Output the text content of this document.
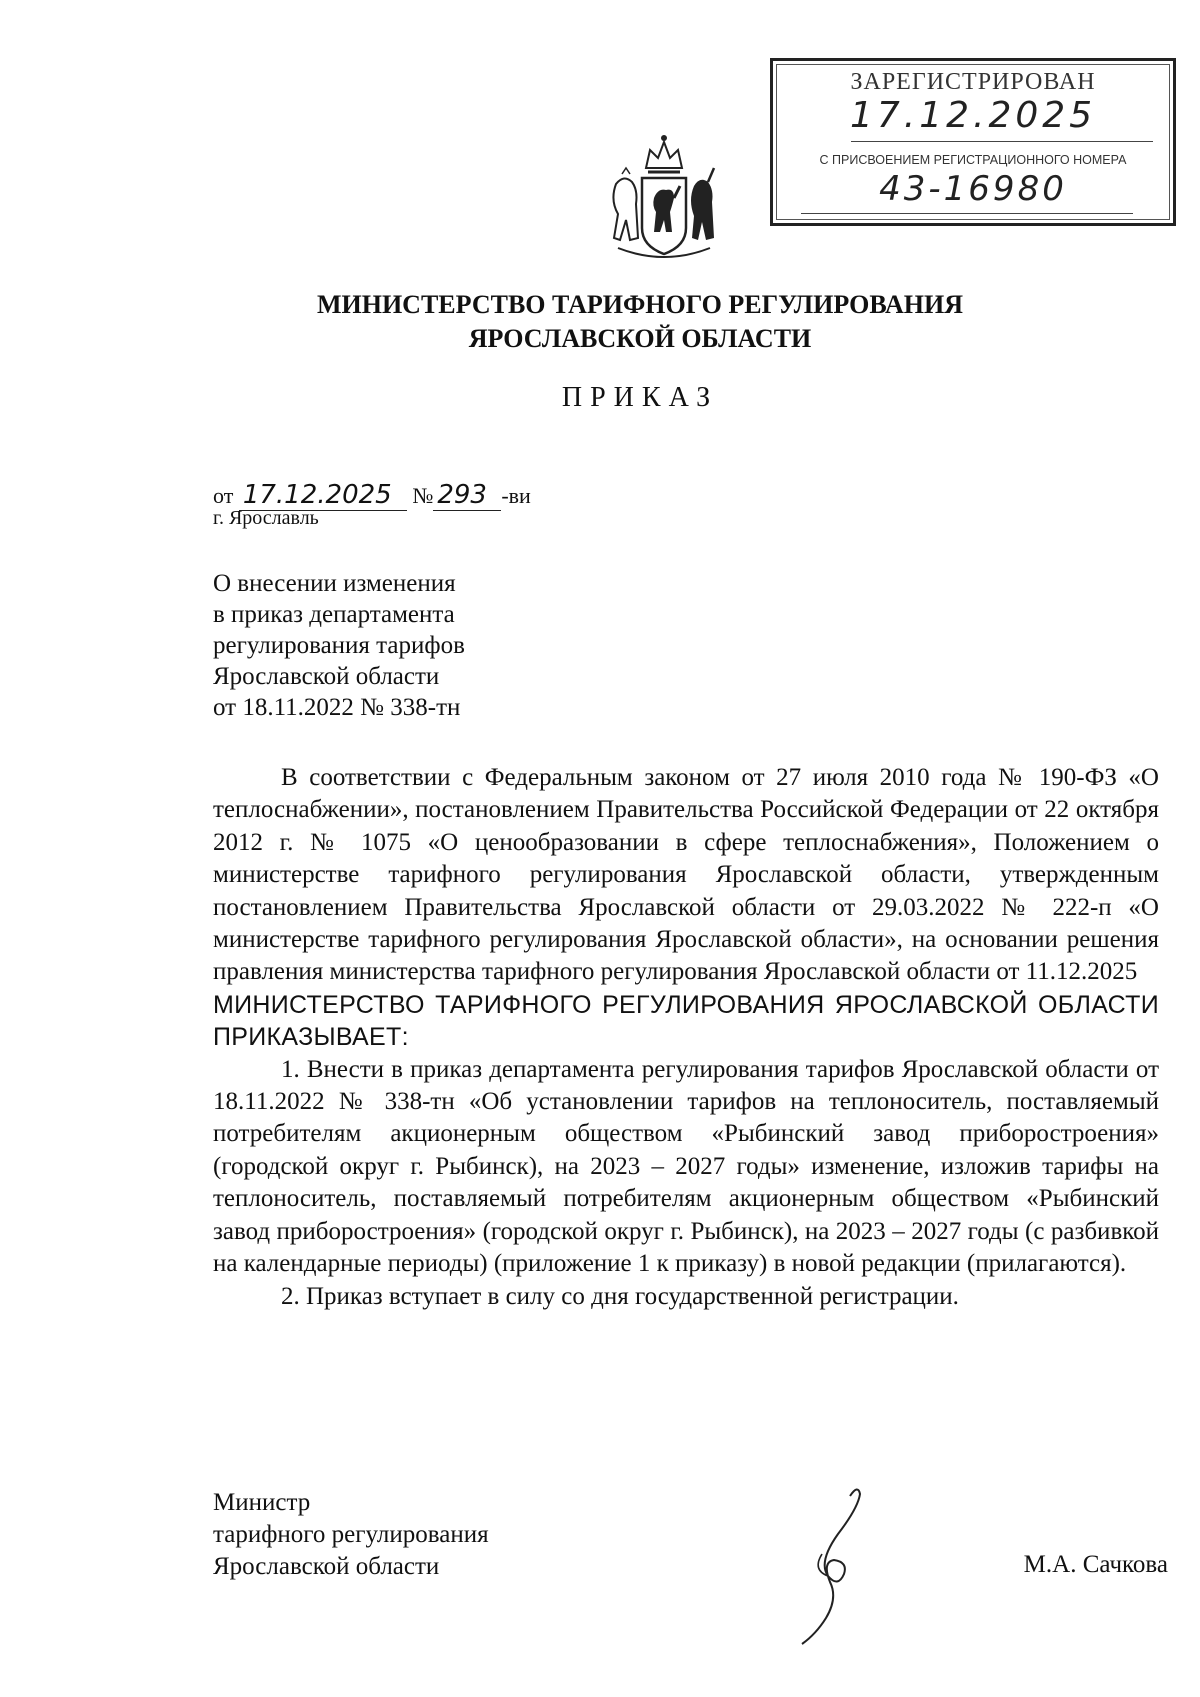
ЗАРЕГИСТРИРОВАН
17.12.2025
С ПРИСВОЕНИЕМ РЕГИСТРАЦИОННОГО НОМЕРА
43-16980
МИНИСТЕРСТВО ТАРИФНОГО РЕГУЛИРОВАНИЯ
ЯРОСЛАВСКОЙ ОБЛАСТИ
ПРИКАЗ
от 17.12.2025 № 293 -ви
г. Ярославль
О внесении изменения
в приказ департамента
регулирования тарифов
Ярославской области
от 18.11.2022 № 338-тн

В соответствии с Федеральным законом от 27 июля 2010 года № 190-ФЗ «О теплоснабжении», постановлением Правительства Российской Федерации от 22 октября 2012 г. № 1075 «О ценообразовании в сфере теплоснабжения», Положением о министерстве тарифного регулирования Ярославской области, утвержденным постановлением Правительства Ярославской области от 29.03.2022 № 222-п «О министерстве тарифного регулирования Ярославской области», на основании решения правления министерства тарифного регулирования Ярославской области от 11.12.2025

МИНИСТЕРСТВО ТАРИФНОГО РЕГУЛИРОВАНИЯ ЯРОСЛАВСКОЙ ОБЛАСТИ ПРИКАЗЫВАЕТ:

1. Внести в приказ департамента регулирования тарифов Ярославской области от 18.11.2022 № 338-тн «Об установлении тарифов на теплоноситель, поставляемый потребителям акционерным обществом «Рыбинский завод приборостроения» (городской округ г. Рыбинск), на 2023 – 2027 годы» изменение, изложив тарифы на теплоноситель, поставляемый потребителям акционерным обществом «Рыбинский завод приборостроения» (городской округ г. Рыбинск), на 2023 – 2027 годы (с разбивкой на календарные периоды) (приложение 1 к приказу) в новой редакции (прилагаются).

2. Приказ вступает в силу со дня государственной регистрации.

Министр
тарифного регулирования
Ярославской области	М.А. Сачкова
